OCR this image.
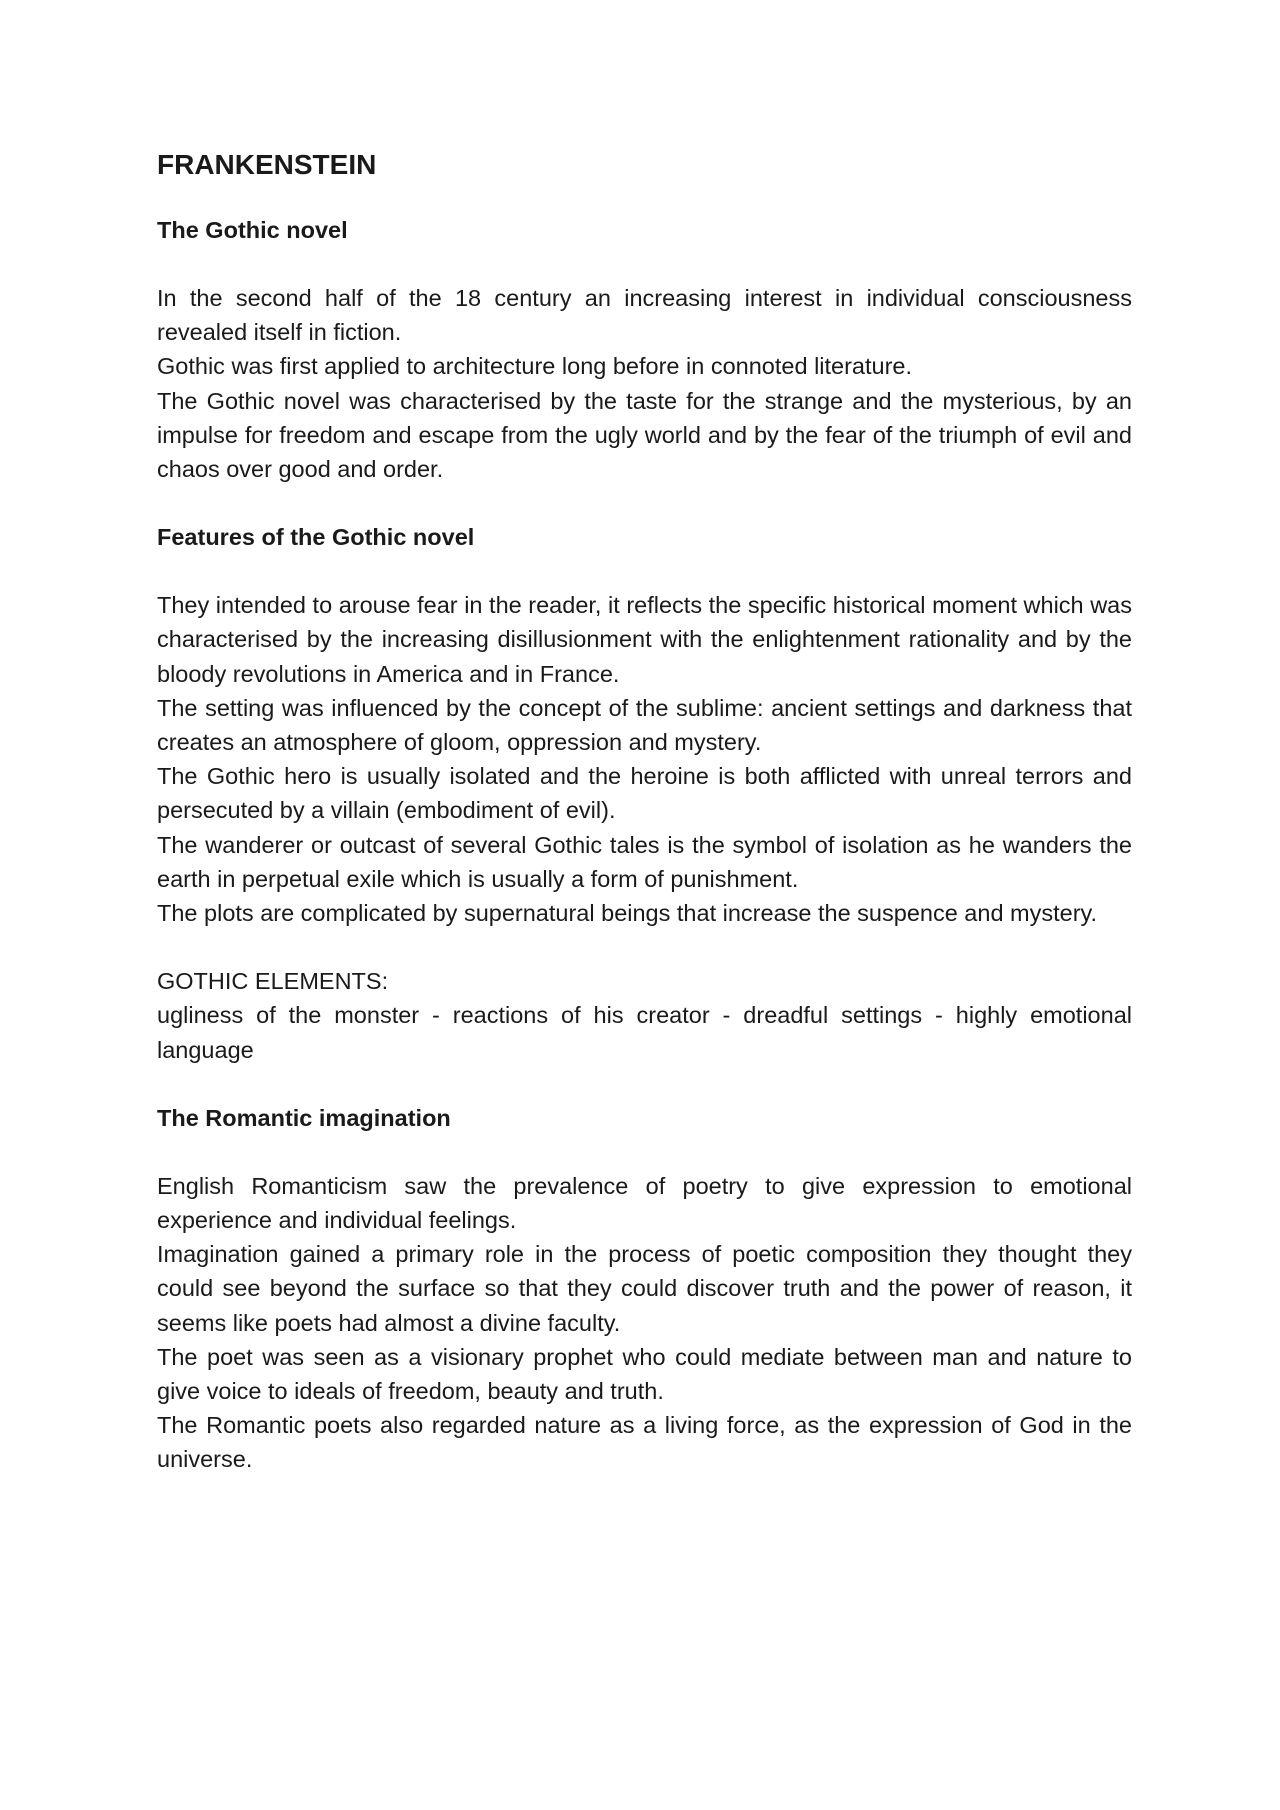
FRANKENSTEIN
The Gothic novel

In the second half of the 18 century an increasing interest in individual consciousness revealed itself in fiction.

Gothic was first applied to architecture long before in connoted literature.

The Gothic novel was characterised by the taste for the strange and the mysterious, by an impulse for freedom and escape from the ugly world and by the fear of the triumph of evil and chaos over good and order.

Features of the Gothic novel

They intended to arouse fear in the reader, it reflects the specific historical moment which was characterised by the increasing disillusionment with the enlightenment rationality and by the bloody revolutions in America and in France.

The setting was influenced by the concept of the sublime: ancient settings and darkness that creates an atmosphere of gloom, oppression and mystery.

The Gothic hero is usually isolated and the heroine is both afflicted with unreal terrors and persecuted by a villain (embodiment of evil).

The wanderer or outcast of several Gothic tales is the symbol of isolation as he wanders the earth in perpetual exile which is usually a form of punishment.

The plots are complicated by supernatural beings that increase the suspence and mystery.

GOTHIC ELEMENTS:

ugliness of the monster - reactions of his creator - dreadful settings - highly emotional language

The Romantic imagination

English Romanticism saw the prevalence of poetry to give expression to emotional experience and individual feelings.

Imagination gained a primary role in the process of poetic composition they thought they could see beyond the surface so that they could discover truth and the power of reason, it seems like poets had almost a divine faculty.

The poet was seen as a visionary prophet who could mediate between man and nature to give voice to ideals of freedom, beauty and truth.

The Romantic poets also regarded nature as a living force, as the expression of God in the universe.
